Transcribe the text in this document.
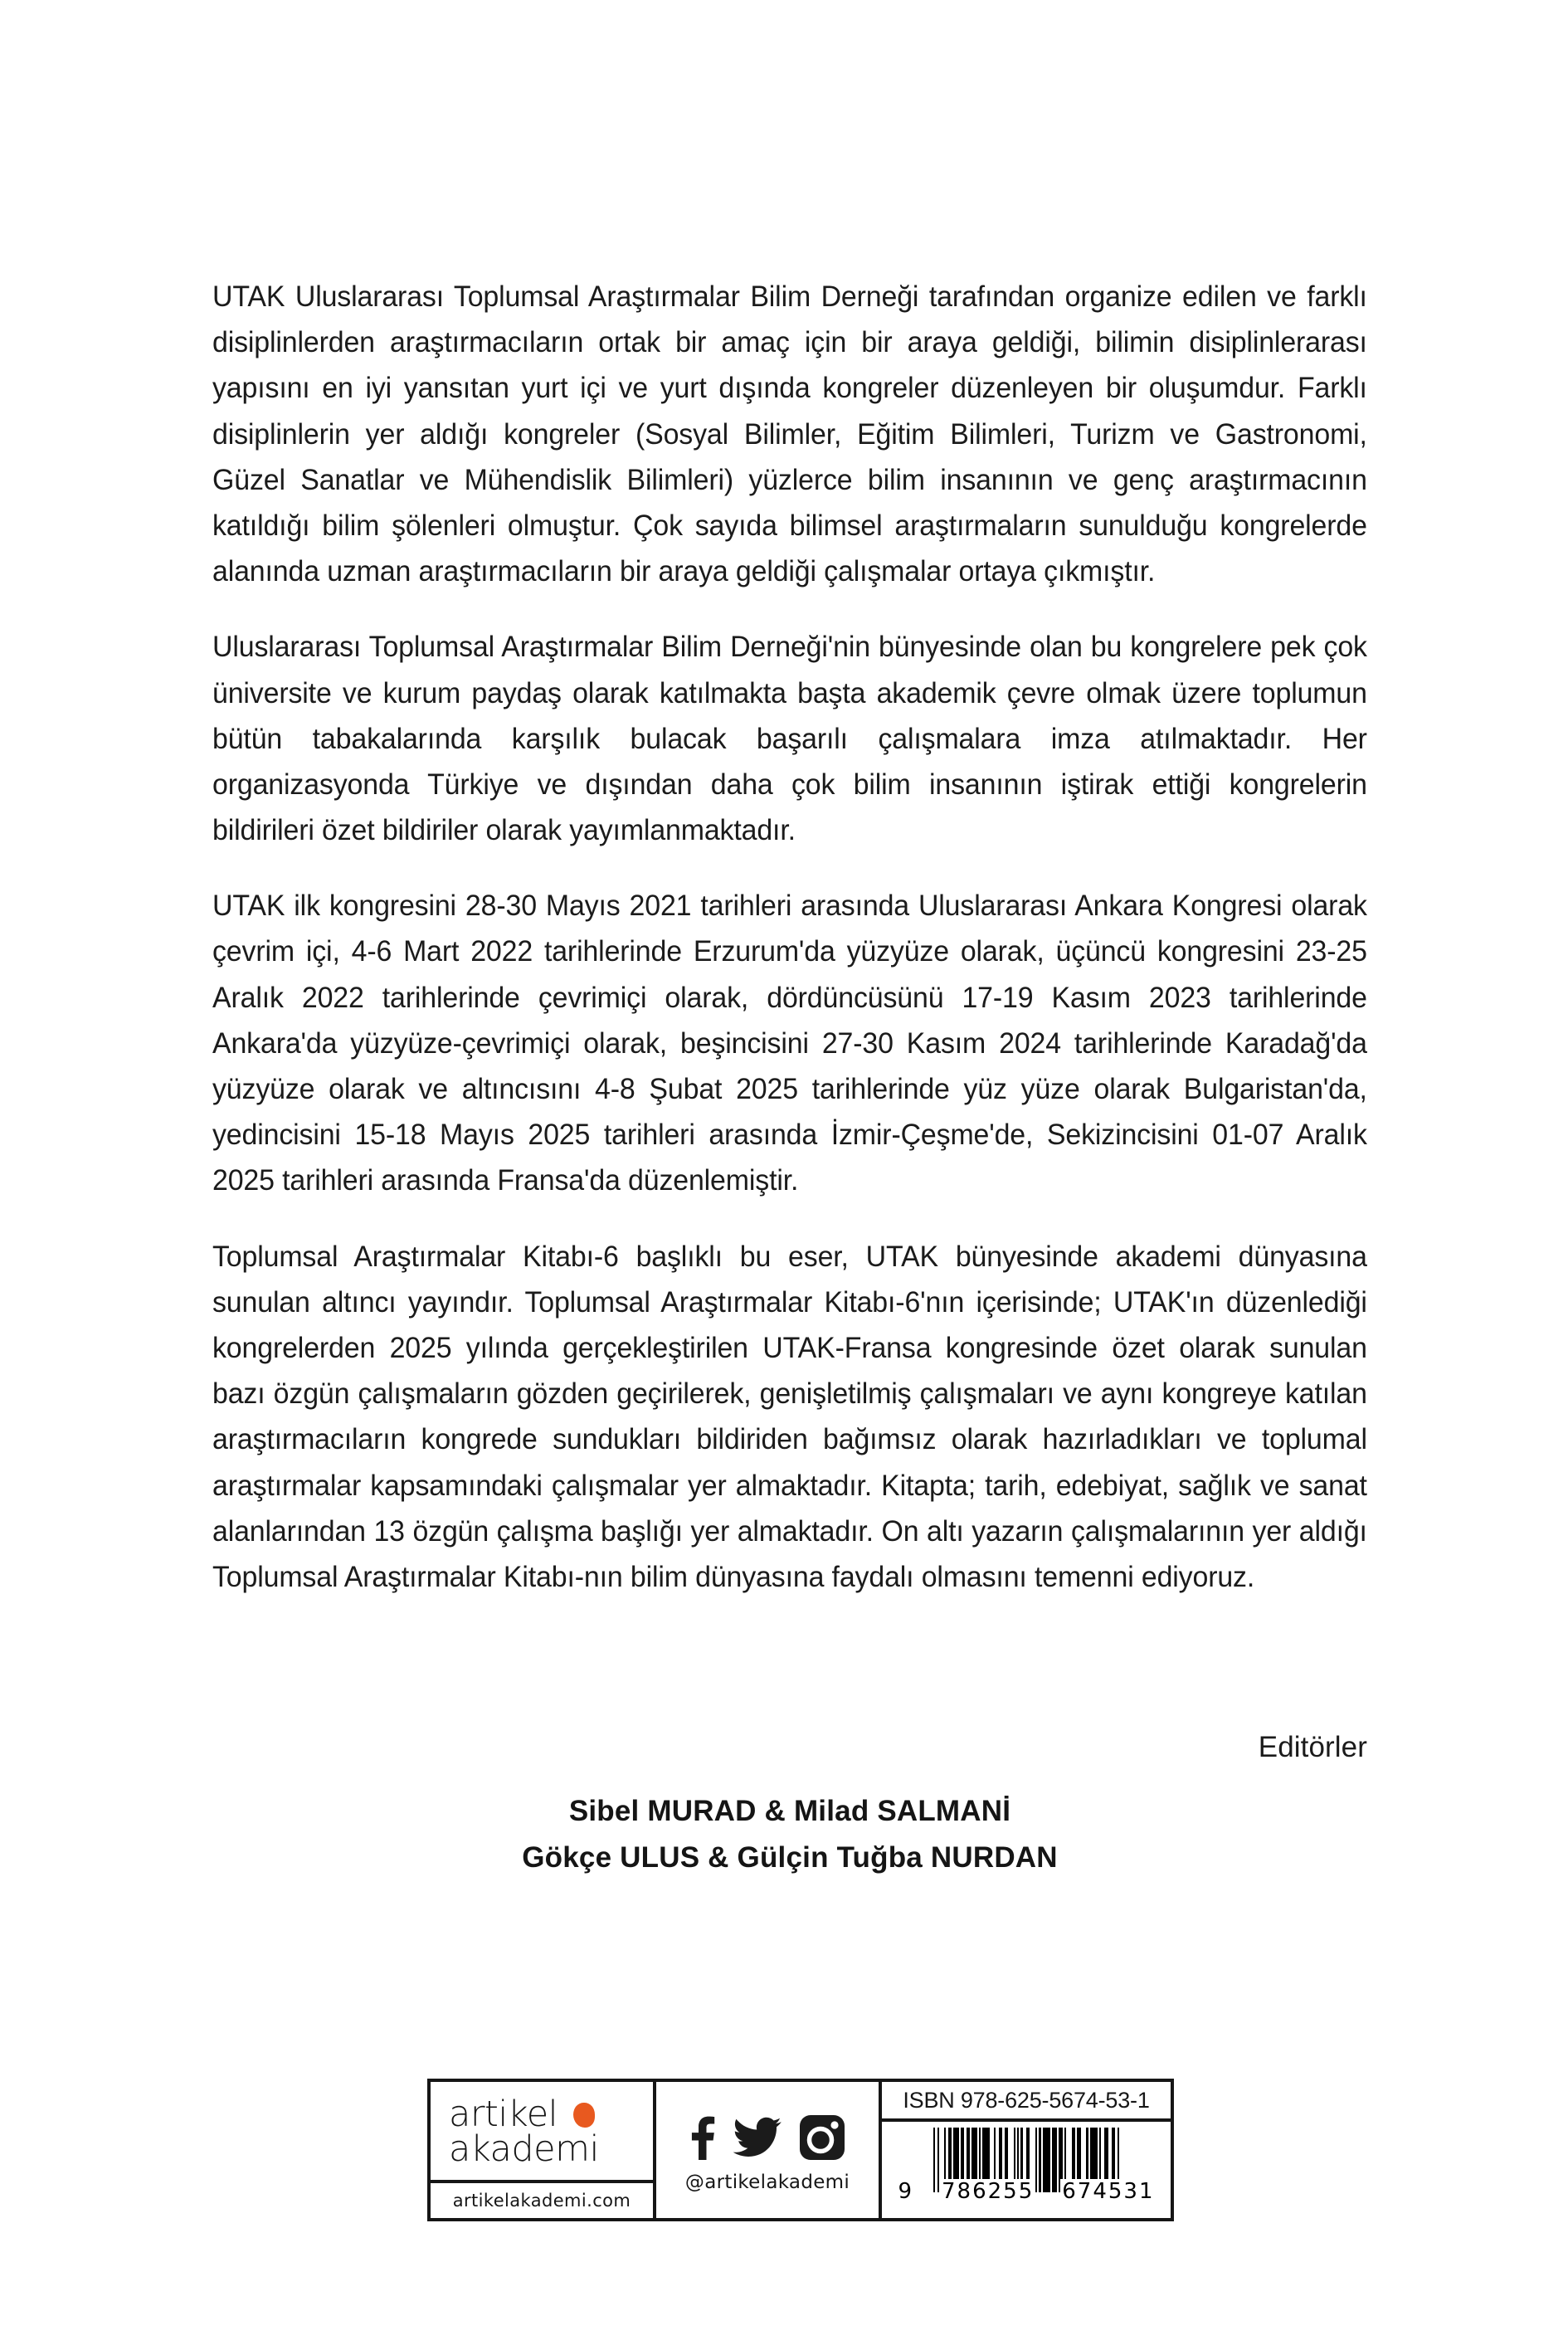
UTAK Uluslararası Toplumsal Araştırmalar Bilim Derneği tarafından organize edilen ve farklı disiplinlerden araştırmacıların ortak bir amaç için bir araya geldiği, bilimin disiplinlerarası yapısını en iyi yansıtan yurt içi ve yurt dışında kongreler düzenleyen bir oluşumdur. Farklı disiplinlerin yer aldığı kongreler (Sosyal Bilimler, Eğitim Bilimleri, Turizm ve Gastronomi, Güzel Sanatlar ve Mühendislik Bilimleri) yüzlerce bilim insanının ve genç araştırmacının katıldığı bilim şölenleri olmuştur. Çok sayıda bilimsel araştırmaların sunulduğu kongrelerde alanında uzman araştırmacıların bir araya geldiği çalışmalar ortaya çıkmıştır.

Uluslararası Toplumsal Araştırmalar Bilim Derneği'nin bünyesinde olan bu kongrelere pek çok üniversite ve kurum paydaş olarak katılmakta başta akademik çevre olmak üzere toplumun bütün tabakalarında karşılık bulacak başarılı çalışmalara imza atılmaktadır. Her organizasyonda Türkiye ve dışından daha çok bilim insanının iştirak ettiği kongrelerin bildirileri özet bildiriler olarak yayımlanmaktadır.

UTAK ilk kongresini 28-30 Mayıs 2021 tarihleri arasında Uluslararası Ankara Kongresi olarak çevrim içi, 4-6 Mart 2022 tarihlerinde Erzurum'da yüzyüze olarak, üçüncü kongresini 23-25 Aralık 2022 tarihlerinde çevrimiçi olarak, dördüncüsünü 17-19 Kasım 2023 tarihlerinde Ankara'da yüzyüze-çevrimiçi olarak, beşincisini 27-30 Kasım 2024 tarihlerinde Karadağ'da yüzyüze olarak ve altıncısını 4-8 Şubat 2025 tarihlerinde yüz yüze olarak Bulgaristan'da, yedincisini 15-18 Mayıs 2025 tarihleri arasında İzmir-Çeşme'de, Sekizincisini 01-07 Aralık 2025 tarihleri arasında Fransa'da düzenlemiştir.

Toplumsal Araştırmalar Kitabı-6 başlıklı bu eser, UTAK bünyesinde akademi dünyasına sunulan altıncı yayındır. Toplumsal Araştırmalar Kitabı-6'nın içerisinde; UTAK'ın düzenlediği kongrelerden 2025 yılında gerçekleştirilen UTAK-Fransa kongresinde özet olarak sunulan bazı özgün çalışmaların gözden geçirilerek, genişletilmiş çalışmaları ve aynı kongreye katılan araştırmacıların kongrede sundukları bildiriden bağımsız olarak hazırladıkları ve toplumal araştırmalar kapsamındaki çalışmalar yer almaktadır. Kitapta; tarih, edebiyat, sağlık ve sanat alanlarından 13 özgün çalışma başlığı yer almaktadır. On altı yazarın çalışmalarının yer aldığı Toplumsal Araştırmalar Kitabı-nın bilim dünyasına faydalı olmasını temenni ediyoruz.

Editörler
Sibel MURAD & Milad SALMANİ
Gökçe ULUS & Gülçin Tuğba NURDAN
artikel
akademi
artikelakademi.com
@artikelakademi
ISBN 978-625-5674-53-1
9 786255 674531
